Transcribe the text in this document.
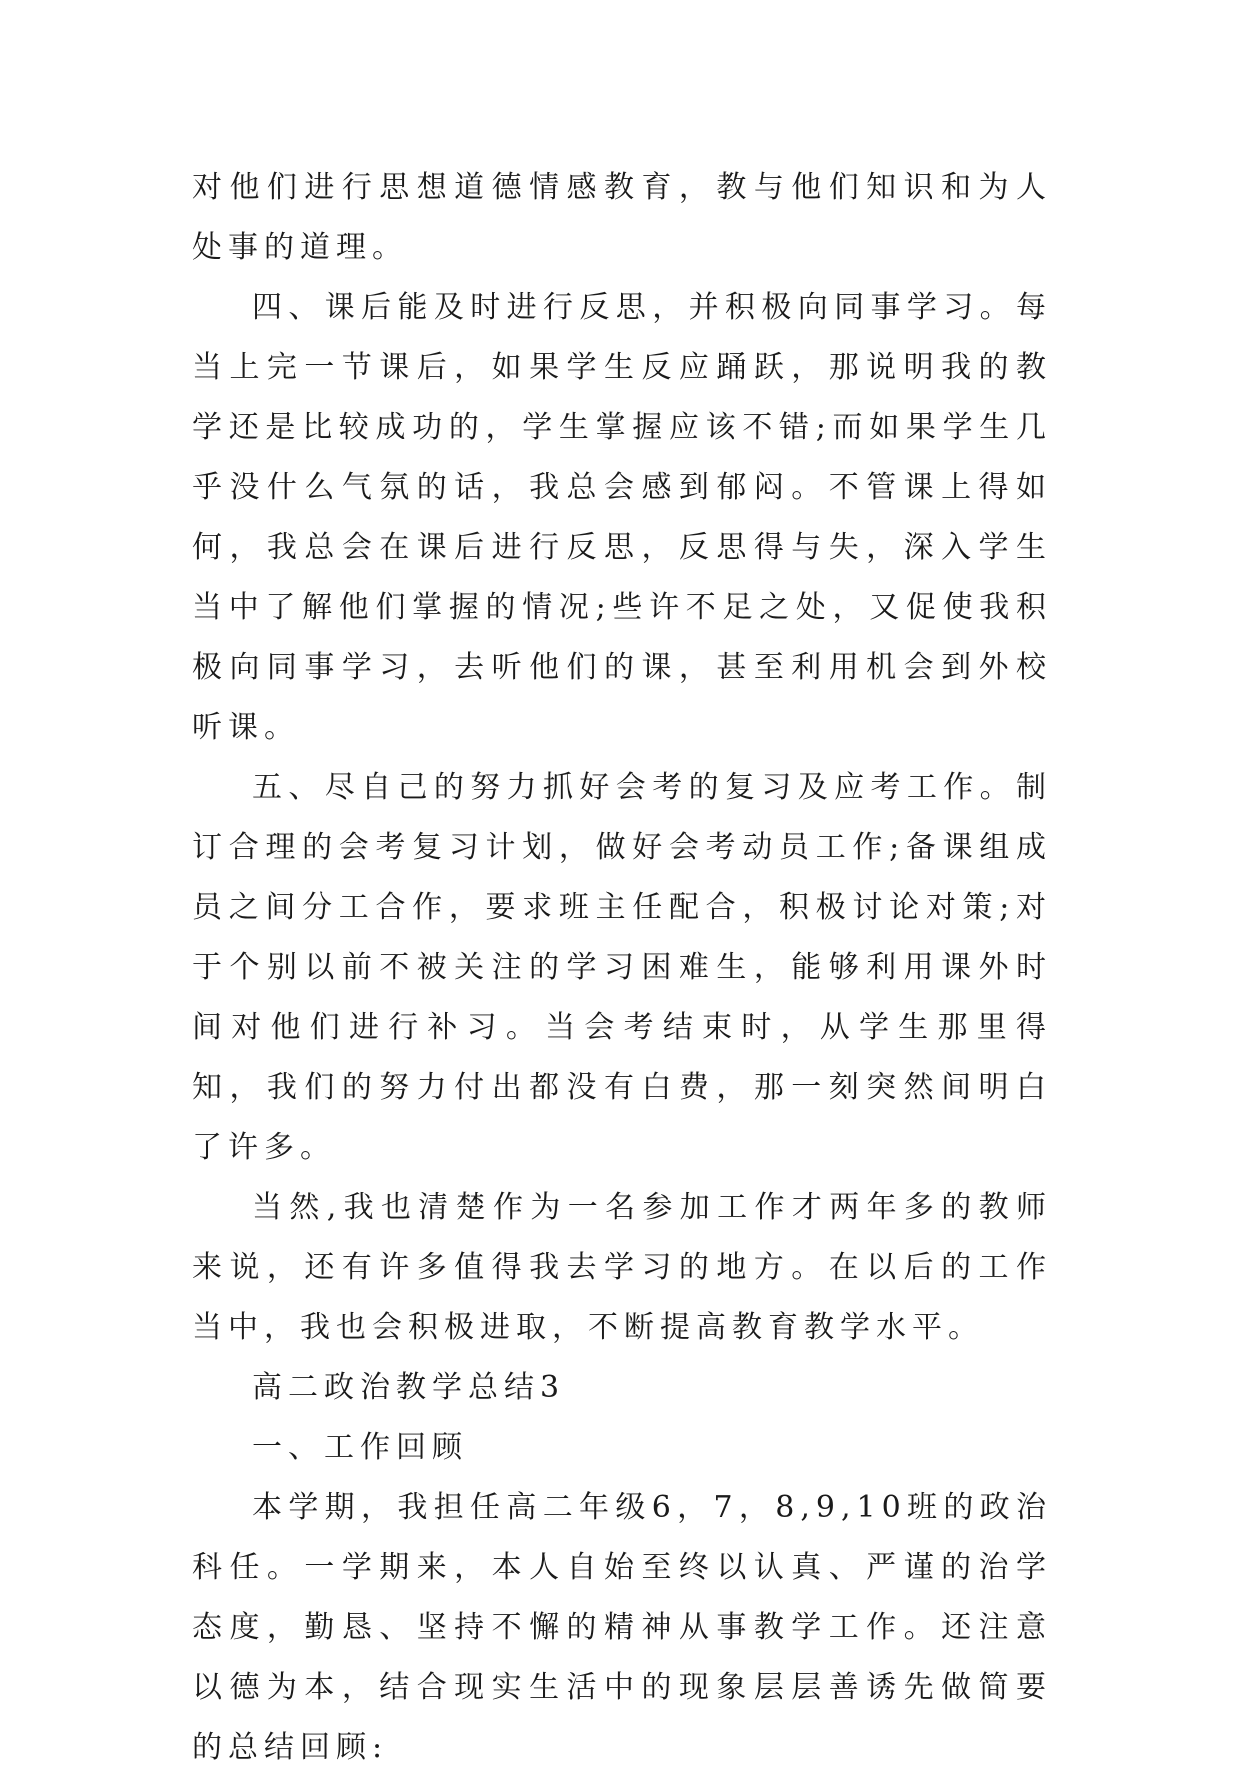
对他们进行思想道德情感教育，教与他们知识和为人处事的道理。

四、课后能及时进行反思，并积极向同事学习。每当上完一节课后，如果学生反应踊跃，那说明我的教学还是比较成功的，学生掌握应该不错;而如果学生几乎没什么气氛的话，我总会感到郁闷。不管课上得如何，我总会在课后进行反思，反思得与失，深入学生当中了解他们掌握的情况;些许不足之处，又促使我积极向同事学习，去听他们的课，甚至利用机会到外校听课。

五、尽自己的努力抓好会考的复习及应考工作。制订合理的会考复习计划，做好会考动员工作;备课组成员之间分工合作，要求班主任配合，积极讨论对策;对于个别以前不被关注的学习困难生，能够利用课外时间对他们进行补习。当会考结束时，从学生那里得知，我们的努力付出都没有白费，那一刻突然间明白了许多。

当然,我也清楚作为一名参加工作才两年多的教师来说，还有许多值得我去学习的地方。在以后的工作当中，我也会积极进取，不断提高教育教学水平。

高二政治教学总结3

一、工作回顾

本学期，我担任高二年级6，7，8,9,10班的政治科任。一学期来，本人自始至终以认真、严谨的治学态度，勤恳、坚持不懈的精神从事教学工作。还注意以德为本，结合现实生活中的现象层层善诱先做简要的总结回顾:
